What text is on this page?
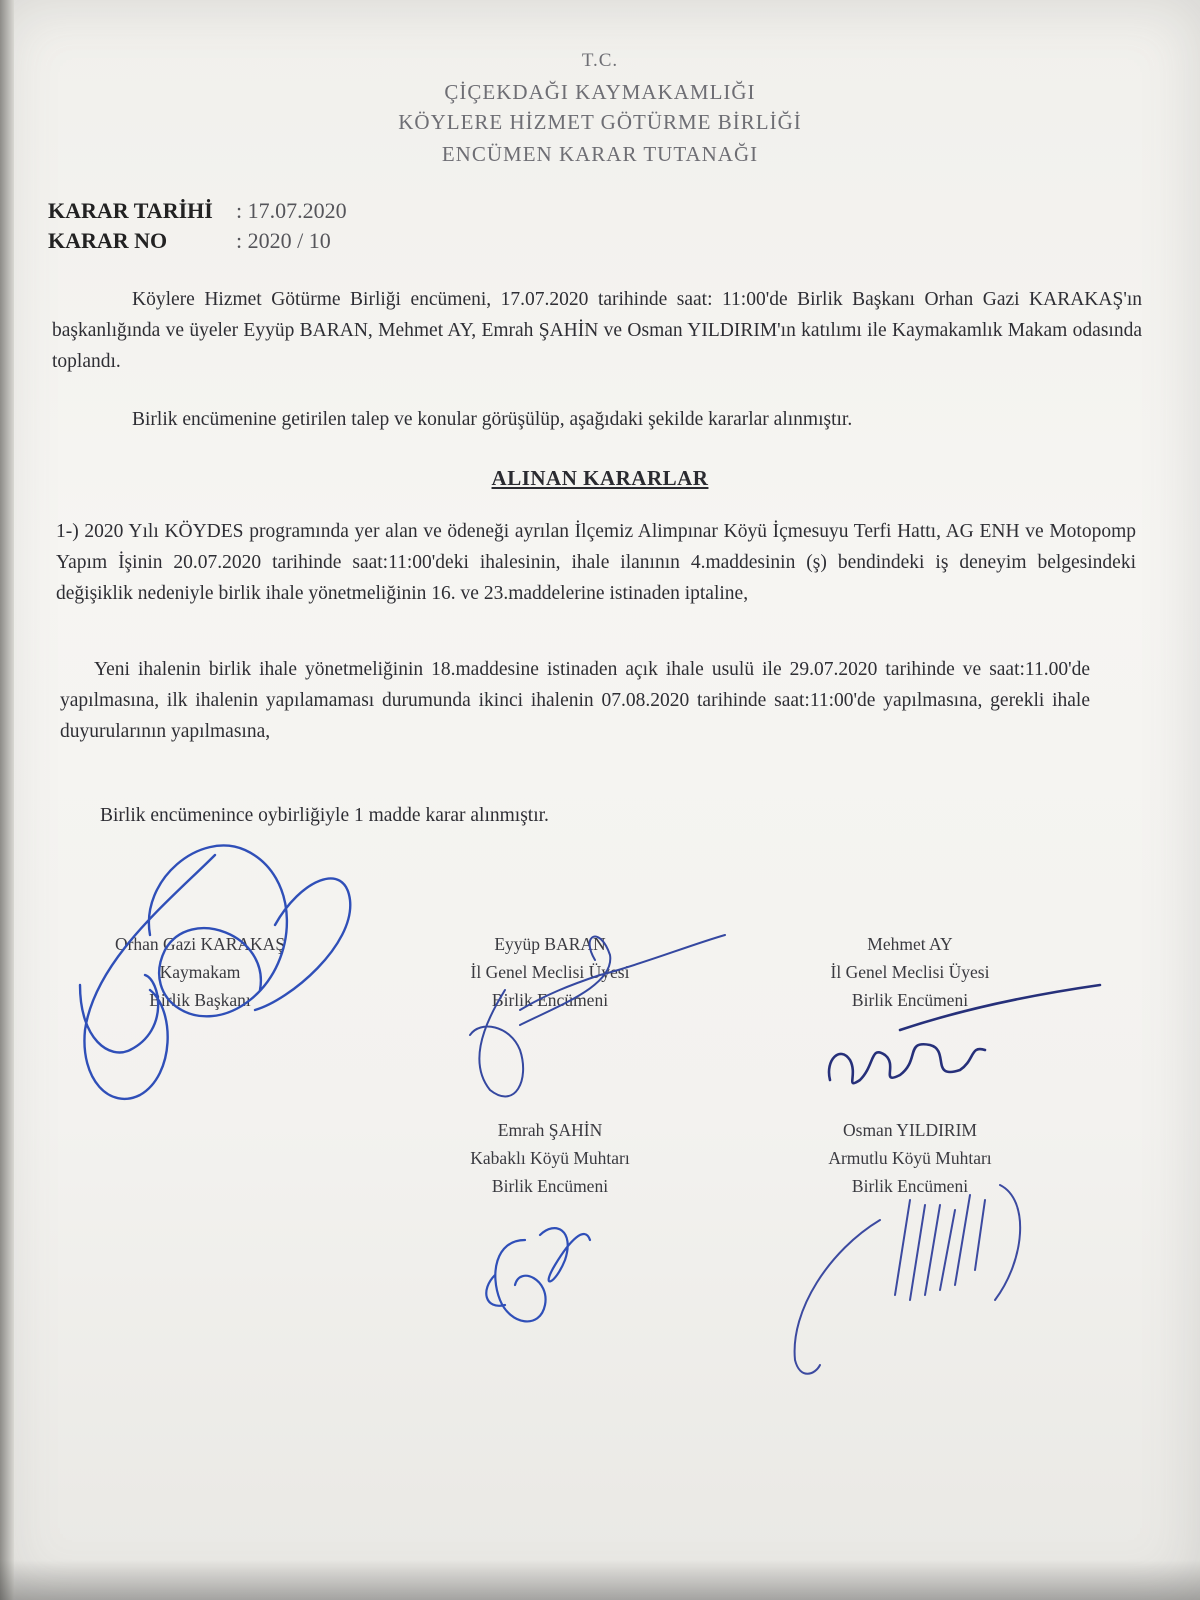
T.C.
ÇİÇEKDAĞI KAYMAKAMLIĞI
KÖYLERE HİZMET GÖTÜRME BİRLİĞİ
ENCÜMEN KARAR TUTANAĞI
KARAR TARİHİ : 17.07.2020
KARAR NO	: 2020 / 10
Köylere Hizmet Götürme Birliği encümeni, 17.07.2020 tarihinde saat: 11:00'de Birlik Başkanı Orhan Gazi KARAKAŞ'ın başkanlığında ve üyeler Eyyüp BARAN, Mehmet AY, Emrah ŞAHİN ve Osman YILDIRIM'ın katılımı ile Kaymakamlık Makam odasında toplandı.
Birlik encümenine getirilen talep ve konular görüşülüp, aşağıdaki şekilde kararlar alınmıştır.
ALINAN KARARLAR
1-) 2020 Yılı KÖYDES programında yer alan ve ödeneği ayrılan İlçemiz Alimpınar Köyü İçmesuyu Terfi Hattı, AG ENH ve Motopomp Yapım İşinin 20.07.2020 tarihinde saat:11:00'deki ihalesinin, ihale ilanının 4.maddesinin (ş) bendindeki iş deneyim belgesindeki değişiklik nedeniyle birlik ihale yönetmeliğinin 16. ve 23.maddelerine istinaden iptaline,
Yeni ihalenin birlik ihale yönetmeliğinin 18.maddesine istinaden açık ihale usulü ile 29.07.2020 tarihinde ve saat:11.00'de yapılmasına, ilk ihalenin yapılamaması durumunda ikinci ihalenin 07.08.2020 tarihinde saat:11:00'de yapılmasına, gerekli ihale duyurularının yapılmasına,
Birlik encümenince oybirliğiyle 1 madde karar alınmıştır.
Orhan Gazi KARAKAŞ
Kaymakam
Birlik Başkanı
Eyyüp BARAN
İl Genel Meclisi Üyesi
Birlik Encümeni
Mehmet AY
İl Genel Meclisi Üyesi
Birlik Encümeni
Emrah ŞAHİN
Kabaklı Köyü Muhtarı
Birlik Encümeni
Osman YILDIRIM
Armutlu Köyü Muhtarı
Birlik Encümeni
